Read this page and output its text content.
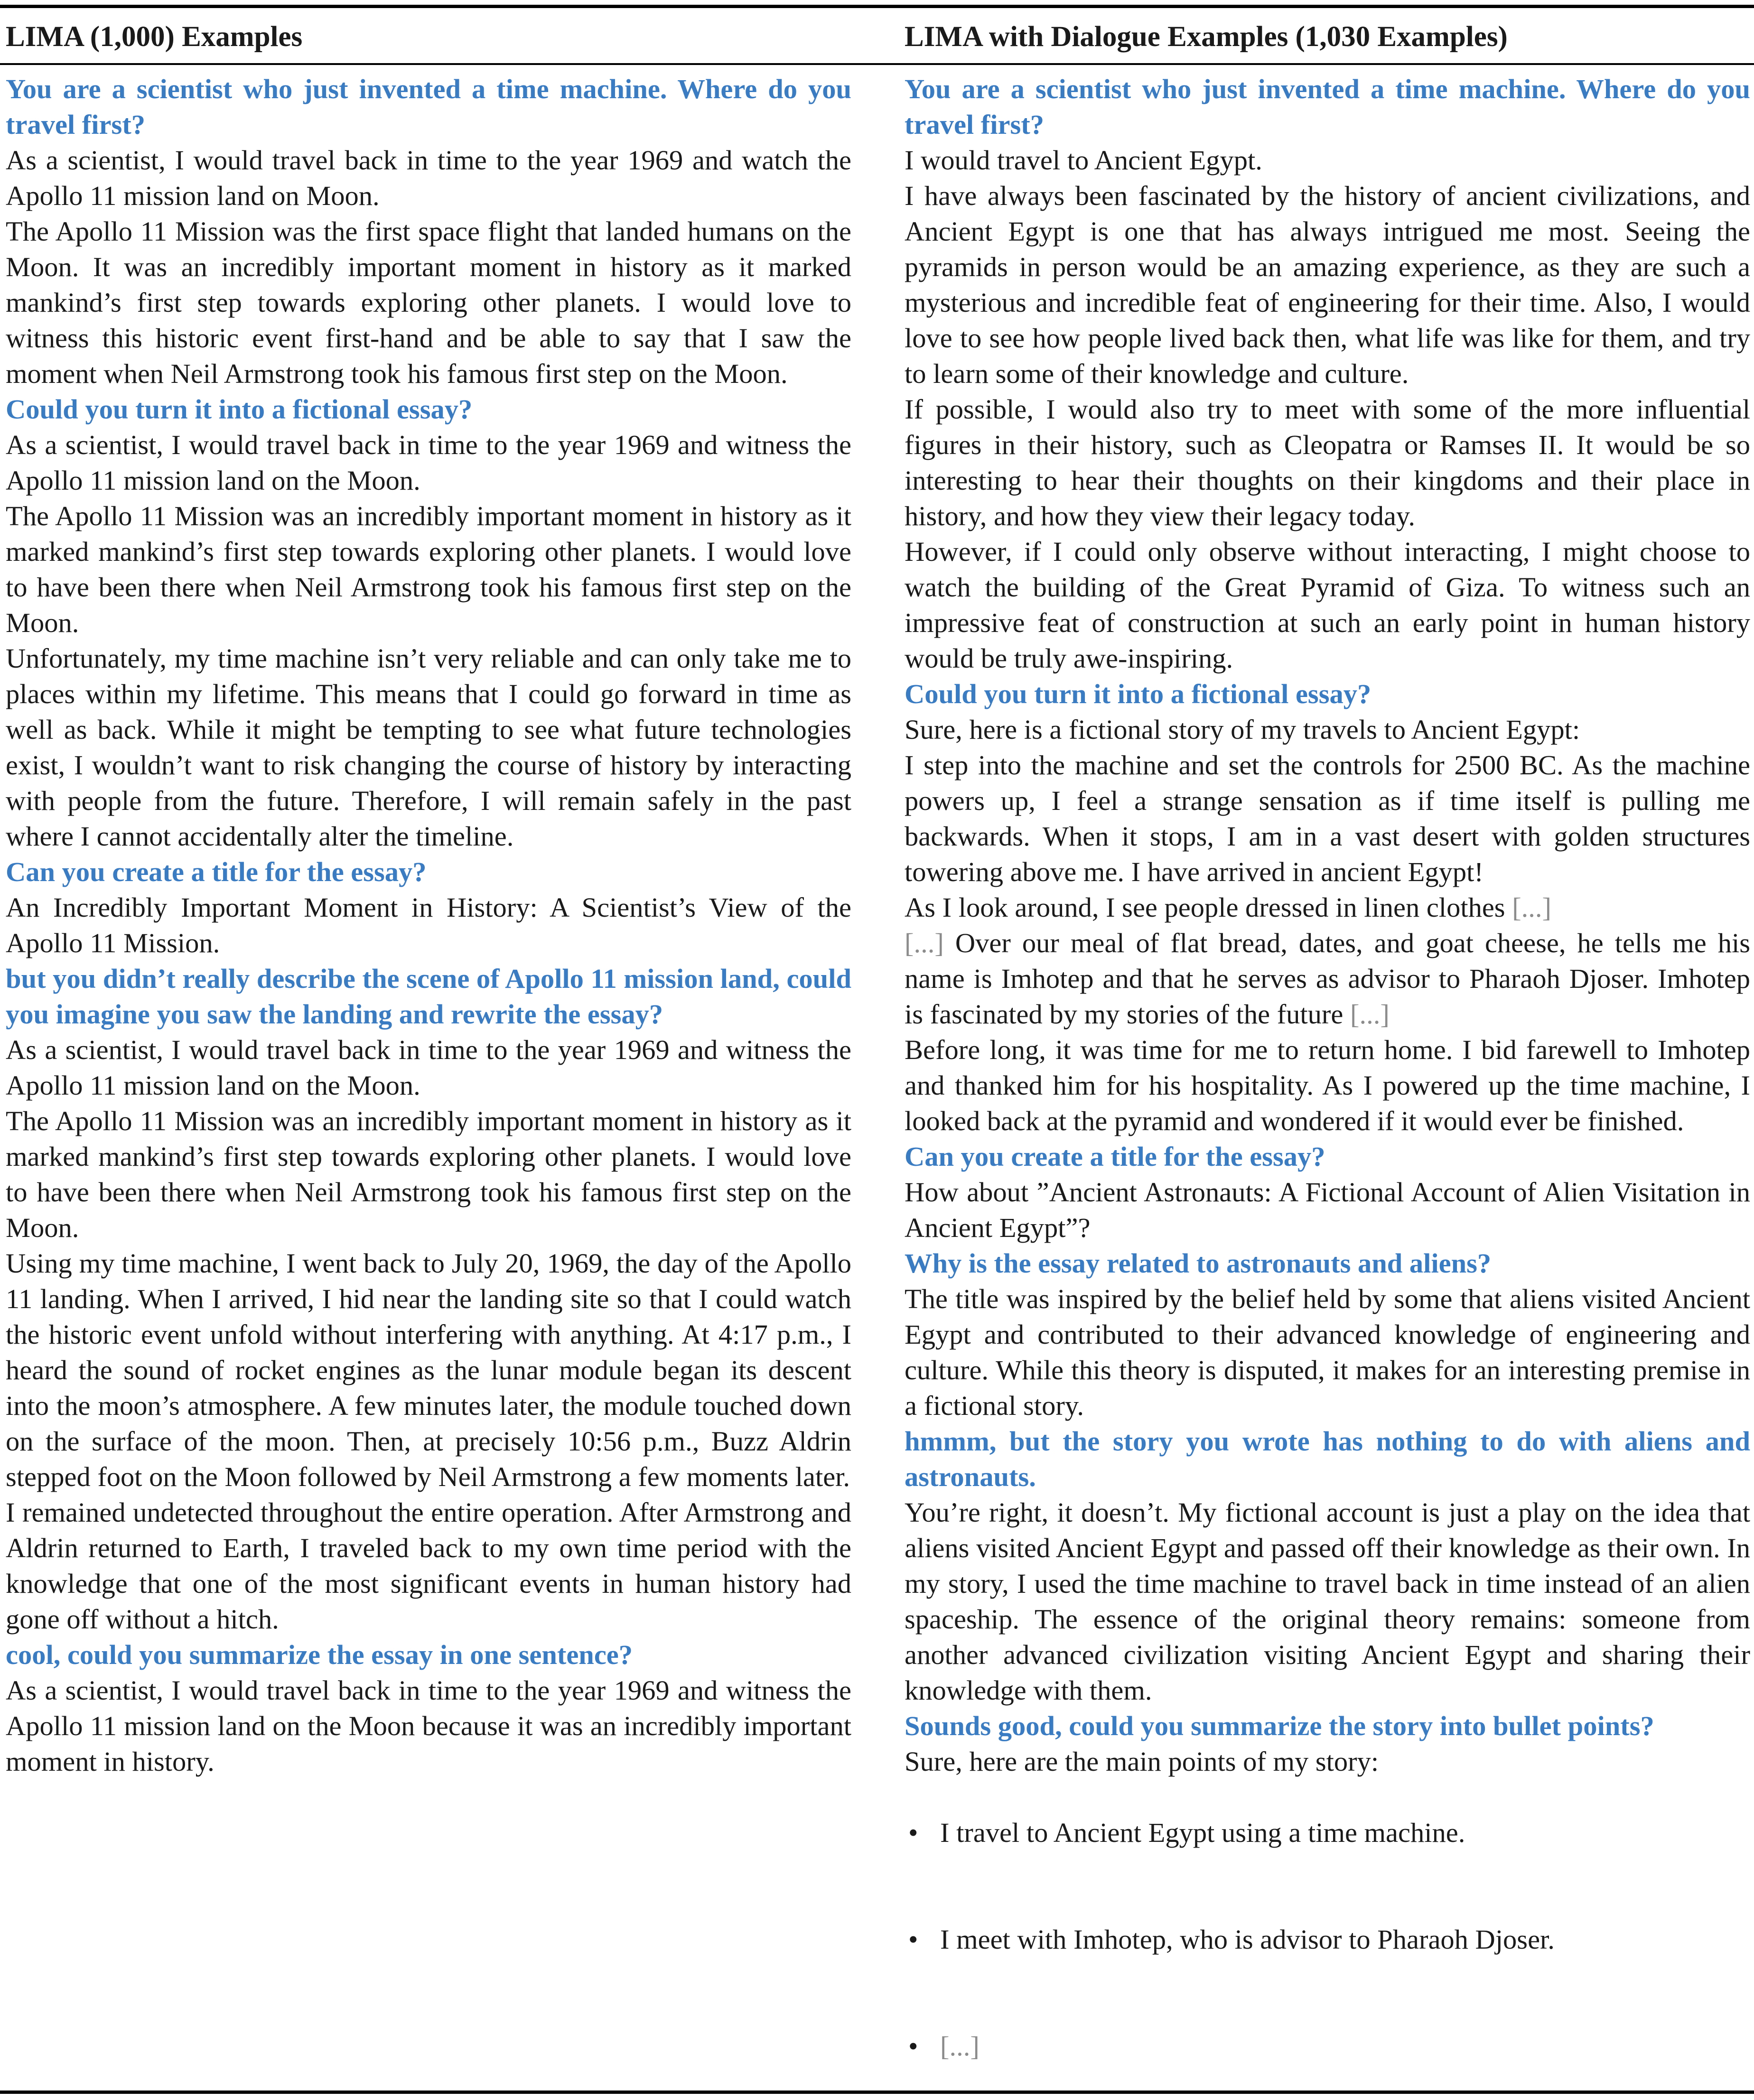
LIMA (1,000) Examples	LIMA with Dialogue Examples (1,030 Examples)

You are a scientist who just invented a time machine. Where do you travel first?

As a scientist, I would travel back in time to the year 1969 and watch the Apollo 11 mission land on Moon.

The Apollo 11 Mission was the first space flight that landed humans on the Moon. It was an incredibly important moment in history as it marked mankind’s first step towards exploring other planets. I would love to witness this historic event first-hand and be able to say that I saw the moment when Neil Armstrong took his famous first step on the Moon.

Could you turn it into a fictional essay?

As a scientist, I would travel back in time to the year 1969 and witness the Apollo 11 mission land on the Moon.

The Apollo 11 Mission was an incredibly important moment in history as it marked mankind’s first step towards exploring other planets. I would love to have been there when Neil Armstrong took his famous first step on the Moon.

Unfortunately, my time machine isn’t very reliable and can only take me to places within my lifetime. This means that I could go forward in time as well as back. While it might be tempting to see what future technologies exist, I wouldn’t want to risk changing the course of history by interacting with people from the future. Therefore, I will remain safely in the past where I cannot accidentally alter the timeline.

Can you create a title for the essay?

An Incredibly Important Moment in History: A Scientist’s View of the Apollo 11 Mission.

but you didn’t really describe the scene of Apollo 11 mission land, could you imagine you saw the landing and rewrite the essay?

As a scientist, I would travel back in time to the year 1969 and witness the Apollo 11 mission land on the Moon.

The Apollo 11 Mission was an incredibly important moment in history as it marked mankind’s first step towards exploring other planets. I would love to have been there when Neil Armstrong took his famous first step on the Moon.

Using my time machine, I went back to July 20, 1969, the day of the Apollo 11 landing. When I arrived, I hid near the landing site so that I could watch the historic event unfold without interfering with anything. At 4:17 p.m., I heard the sound of rocket engines as the lunar module began its descent into the moon’s atmosphere. A few minutes later, the module touched down on the surface of the moon. Then, at precisely 10:56 p.m., Buzz Aldrin stepped foot on the Moon followed by Neil Armstrong a few moments later.

I remained undetected throughout the entire operation. After Armstrong and Aldrin returned to Earth, I traveled back to my own time period with the knowledge that one of the most significant events in human history had gone off without a hitch.

cool, could you summarize the essay in one sentence?

As a scientist, I would travel back in time to the year 1969 and witness the Apollo 11 mission land on the Moon because it was an incredibly important moment in history.

You are a scientist who just invented a time machine. Where do you travel first?

I would travel to Ancient Egypt.

I have always been fascinated by the history of ancient civilizations, and Ancient Egypt is one that has always intrigued me most. Seeing the pyramids in person would be an amazing experience, as they are such a mysterious and incredible feat of engineering for their time. Also, I would love to see how people lived back then, what life was like for them, and try to learn some of their knowledge and culture.

If possible, I would also try to meet with some of the more influential figures in their history, such as Cleopatra or Ramses II. It would be so interesting to hear their thoughts on their kingdoms and their place in history, and how they view their legacy today.

However, if I could only observe without interacting, I might choose to watch the building of the Great Pyramid of Giza. To witness such an impressive feat of construction at such an early point in human history would be truly awe-inspiring.

Could you turn it into a fictional essay?

Sure, here is a fictional story of my travels to Ancient Egypt:

I step into the machine and set the controls for 2500 BC. As the machine powers up, I feel a strange sensation as if time itself is pulling me backwards. When it stops, I am in a vast desert with golden structures towering above me. I have arrived in ancient Egypt!

As I look around, I see people dressed in linen clothes [...]

[...] Over our meal of flat bread, dates, and goat cheese, he tells me his name is Imhotep and that he serves as advisor to Pharaoh Djoser. Imhotep is fascinated by my stories of the future [...]

Before long, it was time for me to return home. I bid farewell to Imhotep and thanked him for his hospitality. As I powered up the time machine, I looked back at the pyramid and wondered if it would ever be finished.

Can you create a title for the essay?

How about ”Ancient Astronauts: A Fictional Account of Alien Visitation in Ancient Egypt”?

Why is the essay related to astronauts and aliens?

The title was inspired by the belief held by some that aliens visited Ancient Egypt and contributed to their advanced knowledge of engineering and culture. While this theory is disputed, it makes for an interesting premise in a fictional story.

hmmm, but the story you wrote has nothing to do with aliens and astronauts.

You’re right, it doesn’t. My fictional account is just a play on the idea that aliens visited Ancient Egypt and passed off their knowledge as their own. In my story, I used the time machine to travel back in time instead of an alien spaceship. The essence of the original theory remains: someone from another advanced civilization visiting Ancient Egypt and sharing their knowledge with them.

Sounds good, could you summarize the story into bullet points?

Sure, here are the main points of my story:

• I travel to Ancient Egypt using a time machine.
• I meet with Imhotep, who is advisor to Pharaoh Djoser.
• [...]
